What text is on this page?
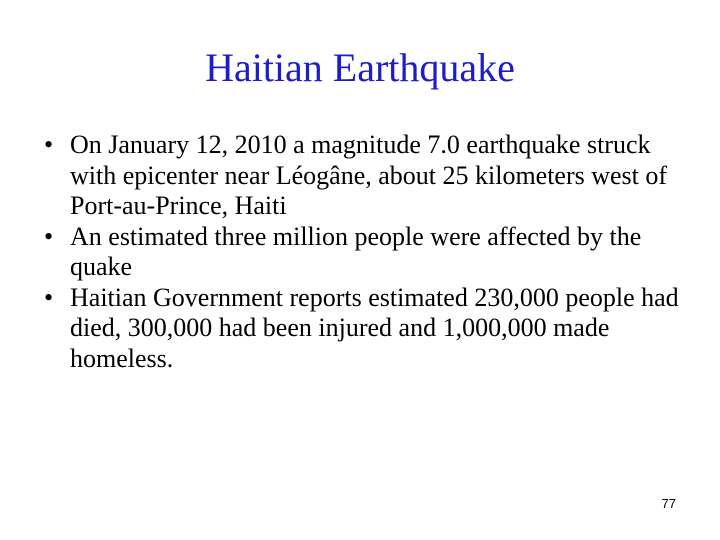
Haitian Earthquake
• On January 12, 2010 a magnitude 7.0 earthquake struck with epicenter near Léogâne, about 25 kilometers west of Port-au-Prince, Haiti
• An estimated three million people were affected by the quake
• Haitian Government reports estimated 230,000 people had died, 300,000 had been injured and 1,000,000 made homeless.
77
